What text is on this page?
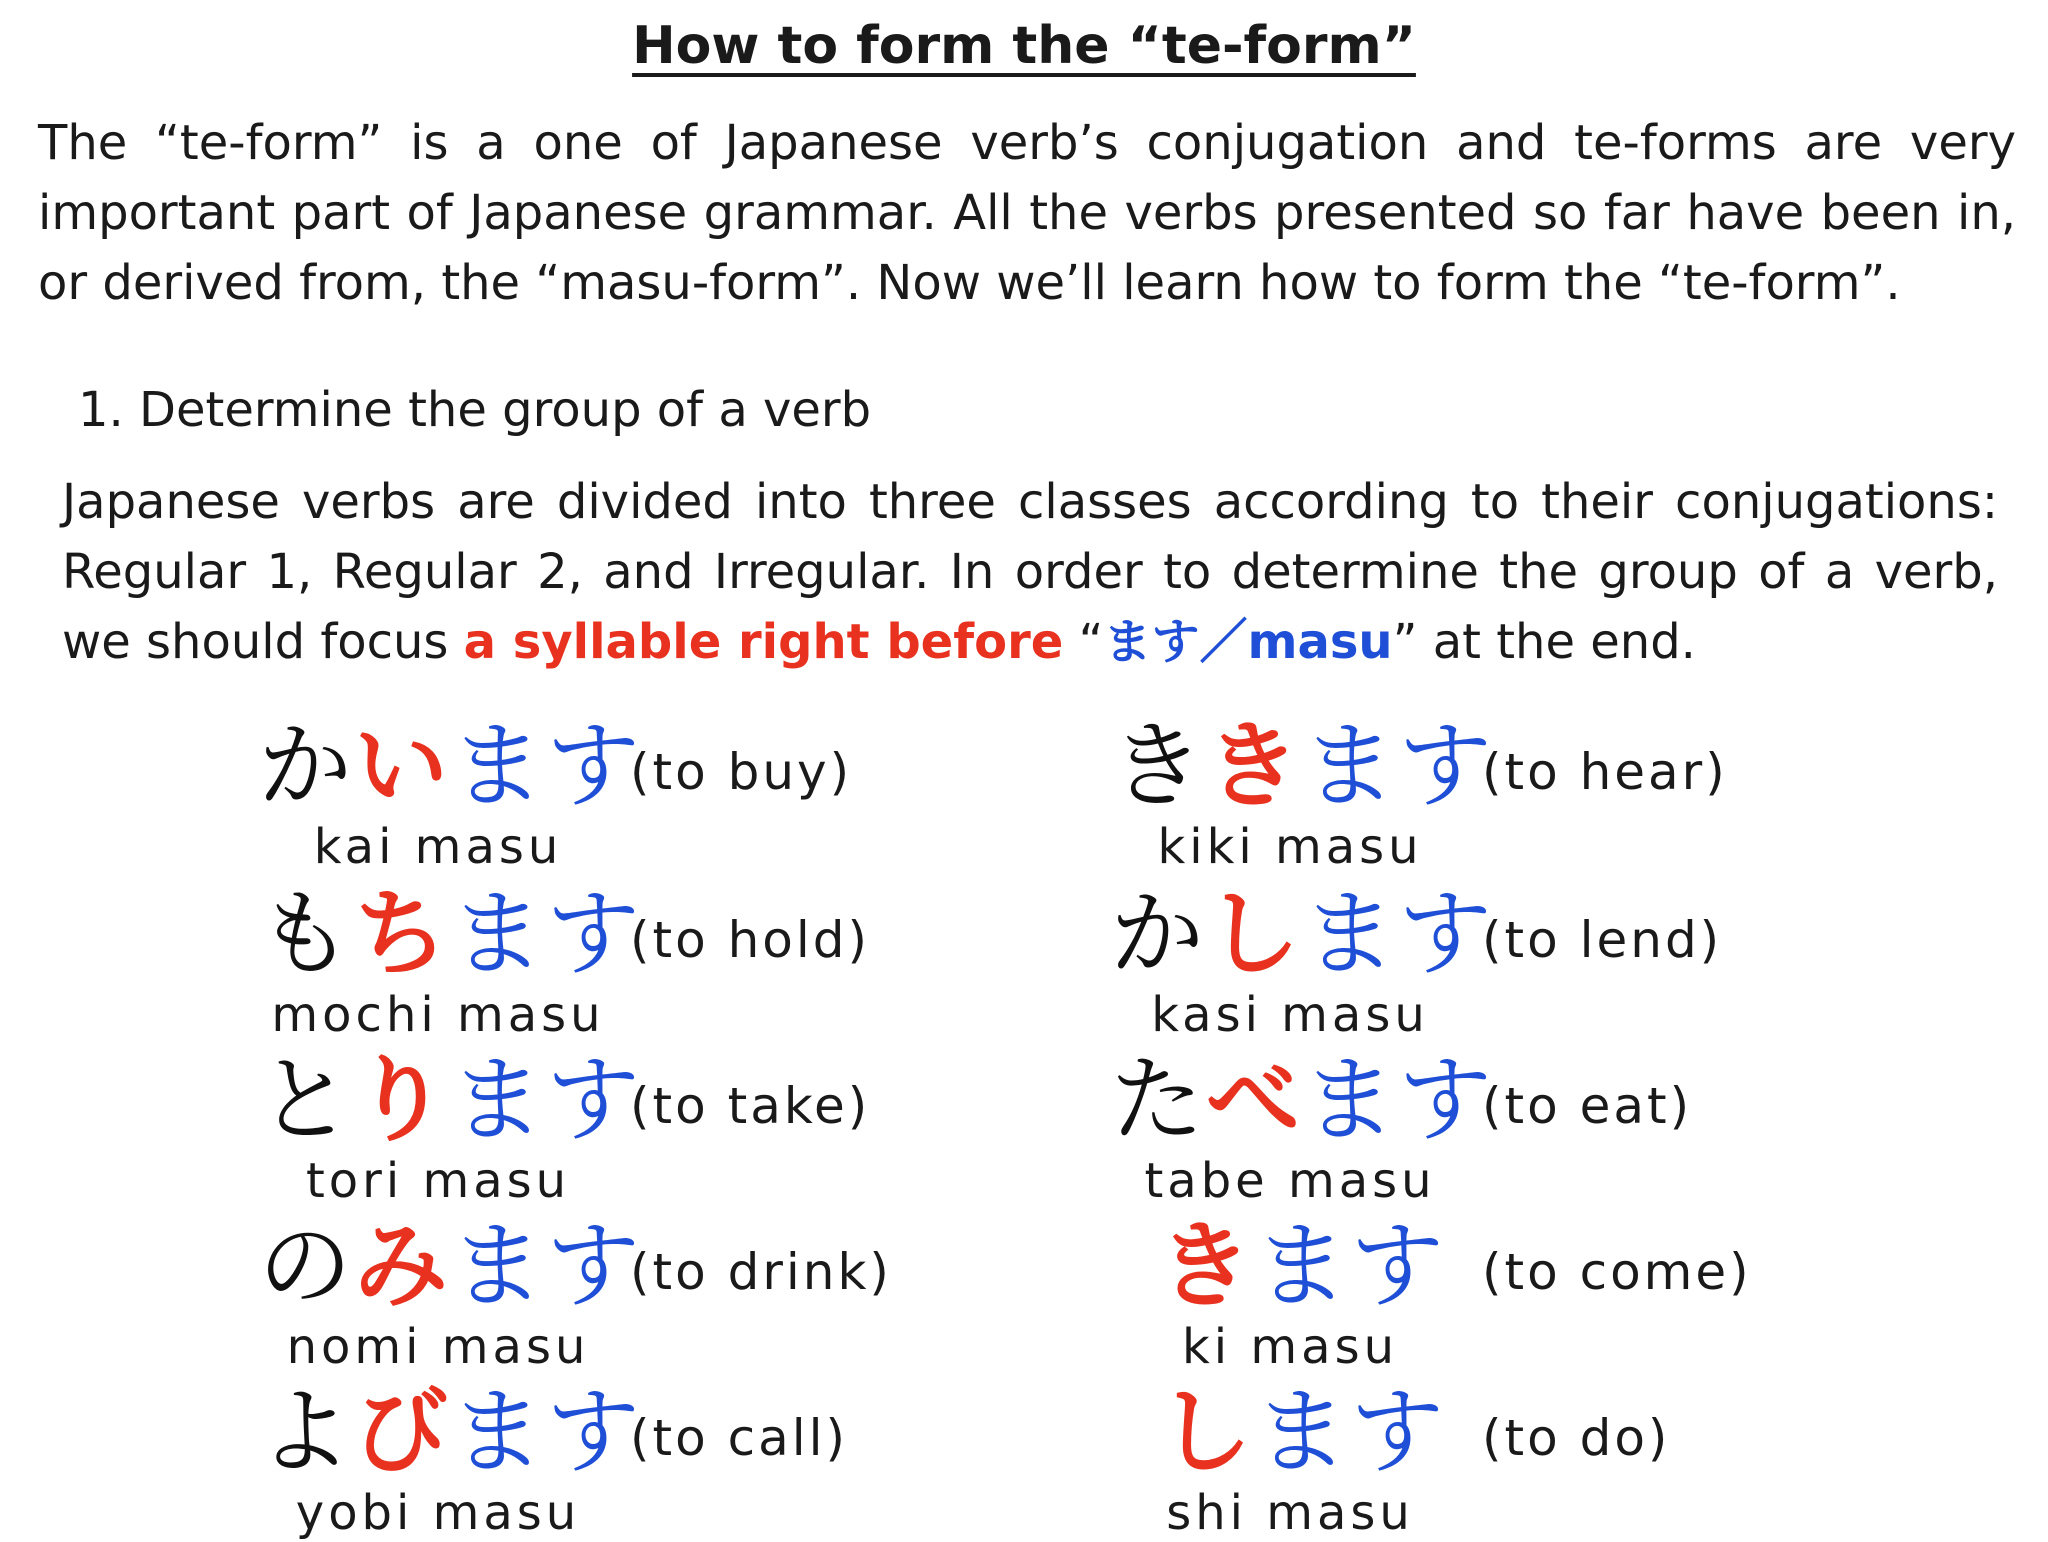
How to form the “te-form”
The “te-form” is a one of Japanese verb’s conjugation and te-forms are very important part of Japanese grammar. All the verbs presented so far have been in, or derived from, the “masu-form”. Now we’ll learn how to form the “te-form”.
1. Determine the group of a verb
Japanese verbs are divided into three classes according to their conjugations: Regular 1, Regular 2, and Irregular. In order to determine the group of a verb, we should focus a syllable right before “ます／masu” at the end.
かいます
(to buy)
kai masu
もちます
(to hold)
mochi masu
とります
(to take)
tori masu
のみます
(to drink)
nomi masu
よびます
(to call)
yobi masu
ききます
(to hear)
kiki masu
かします
(to lend)
kasi masu
たべます
(to eat)
tabe masu
きます (to come)
ki masu
します (to do)
shi masu
